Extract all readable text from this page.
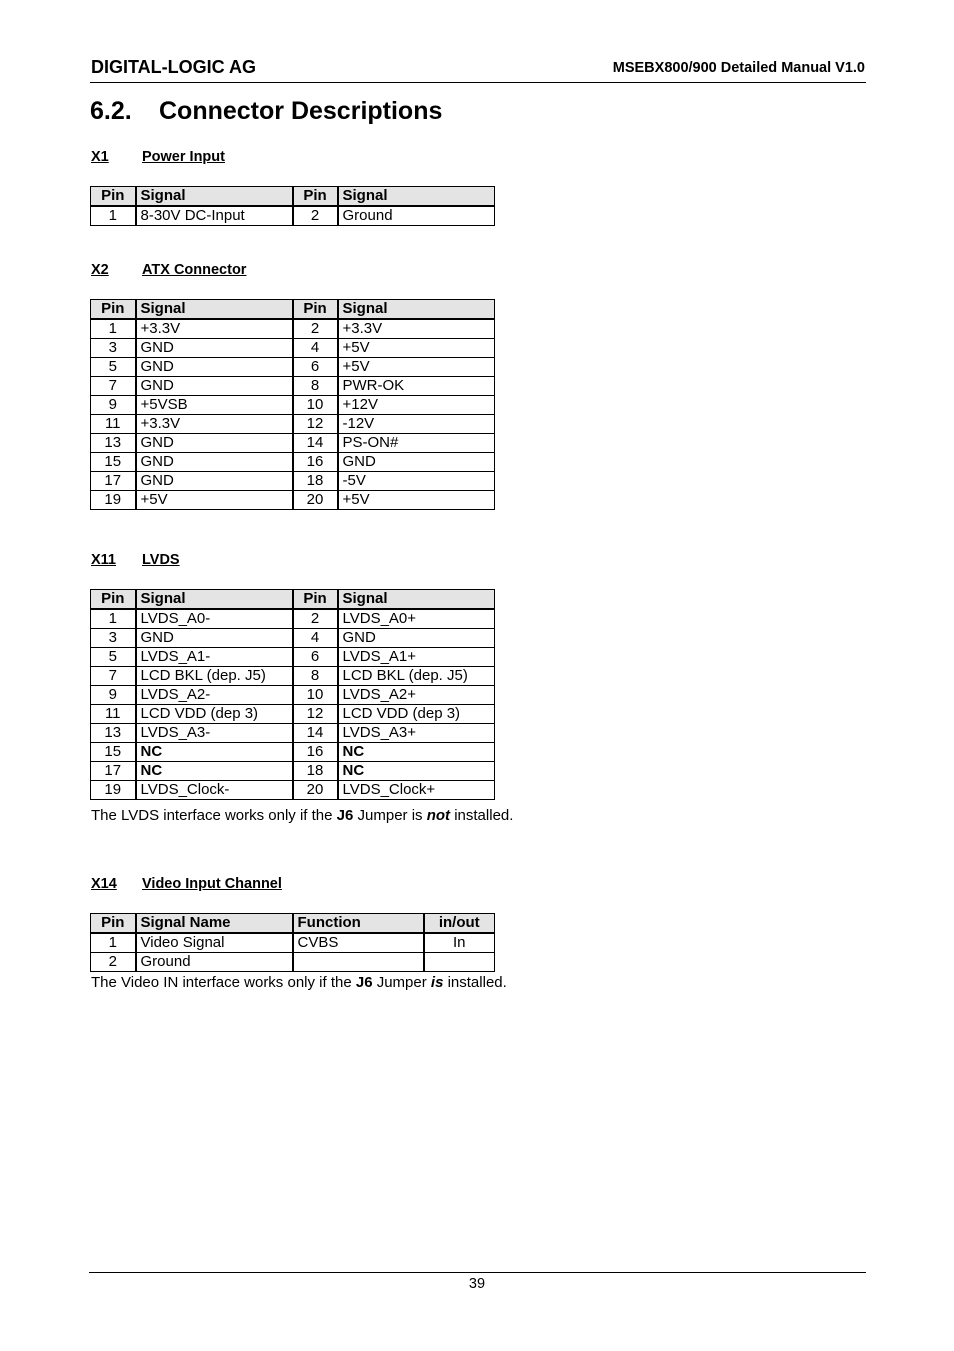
DIGITAL-LOGIC AG	MSEBX800/900 Detailed Manual V1.0
6.2. Connector Descriptions
X1 Power Input
Pin	Signal	Pin	Signal
1	8-30V DC-Input	2	Ground
X2 ATX Connector
Pin	Signal	Pin	Signal
1	+3.3V	2	+3.3V
3	GND	4	+5V
5	GND	6	+5V
7	GND	8	PWR-OK
9	+5VSB	10	+12V
11	+3.3V	12	-12V
13	GND	14	PS-ON#
15	GND	16	GND
17	GND	18	-5V
19	+5V	20	+5V
X11 LVDS
Pin	Signal	Pin	Signal
1	LVDS_A0-	2	LVDS_A0+
3	GND	4	GND
5	LVDS_A1-	6	LVDS_A1+
7	LCD BKL (dep. J5)	8	LCD BKL (dep. J5)
9	LVDS_A2-	10	LVDS_A2+
11	LCD VDD (dep 3)	12	LCD VDD (dep 3)
13	LVDS_A3-	14	LVDS_A3+
15	NC	16	NC
17	NC	18	NC
19	LVDS_Clock-	20	LVDS_Clock+
The LVDS interface works only if the J6 Jumper is not installed.
X14 Video Input Channel
Pin	Signal Name	Function	in/out
1	Video Signal	CVBS	In
2	Ground		
The Video IN interface works only if the J6 Jumper is installed.
39
